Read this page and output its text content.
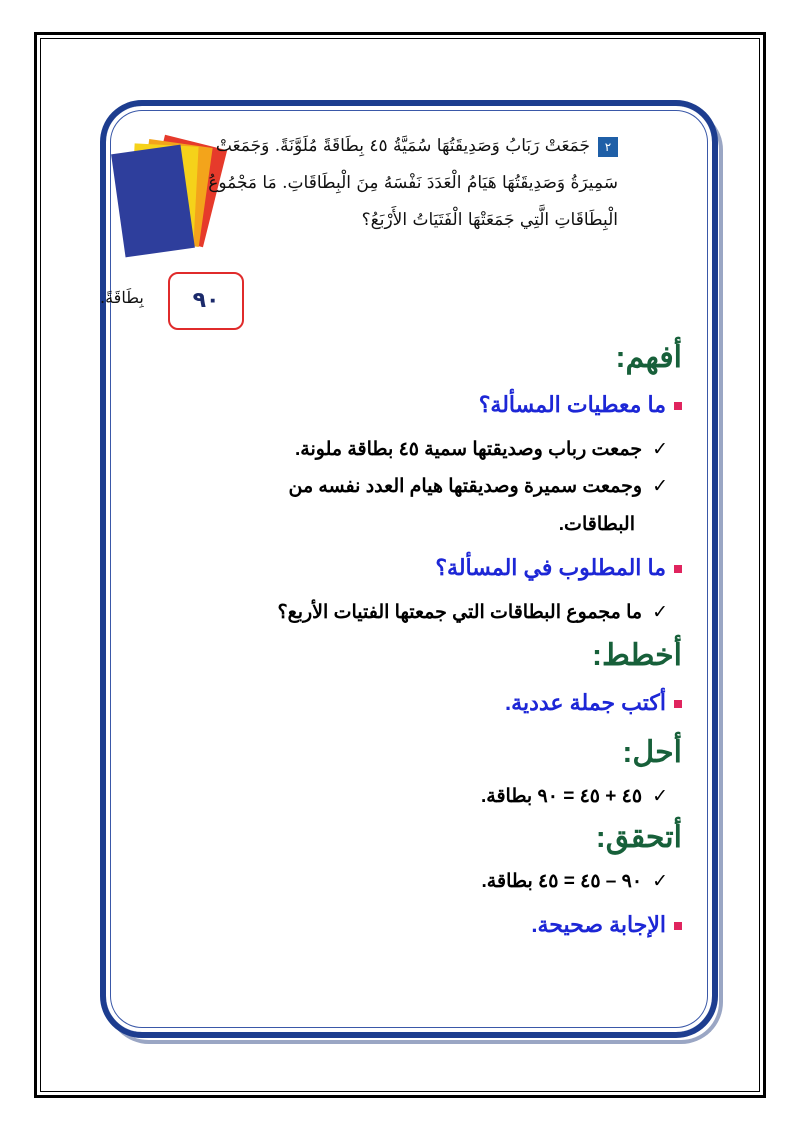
٢جَمَعَتْ رَبَابُ وَصَدِيقَتُهَا سُمَيَّةُ ٤٥ بِطَاقَةً مُلَوَّنَةً. وَجَمَعَتْ
سَمِيرَةُ وَصَدِيقَتُهَا هَيَامُ الْعَدَدَ نَفْسَهُ مِنَ الْبِطَاقَاتِ. مَا مَجْمُوعُ
الْبِطَاقَاتِ الَّتِي جَمَعَتْهَا الْفَتَيَاتُ الأَرْبَعُ؟
٩٠
بِطَاقَةً.
أفهم:
ما معطيات المسألة؟
✓جمعت رباب وصديقتها سمية ٤٥ بطاقة ملونة.
✓وجمعت سميرة وصديقتها هيام العدد نفسه من
البطاقات.
ما المطلوب في المسألة؟
✓ما مجموع البطاقات التي جمعتها الفتيات الأربع؟
أخطط:
أكتب جملة عددية.
أحل:
✓٤٥ + ٤٥ = ٩٠ بطاقة.
أتحقق:
✓٩٠ – ٤٥ = ٤٥ بطاقة.
الإجابة صحيحة.
